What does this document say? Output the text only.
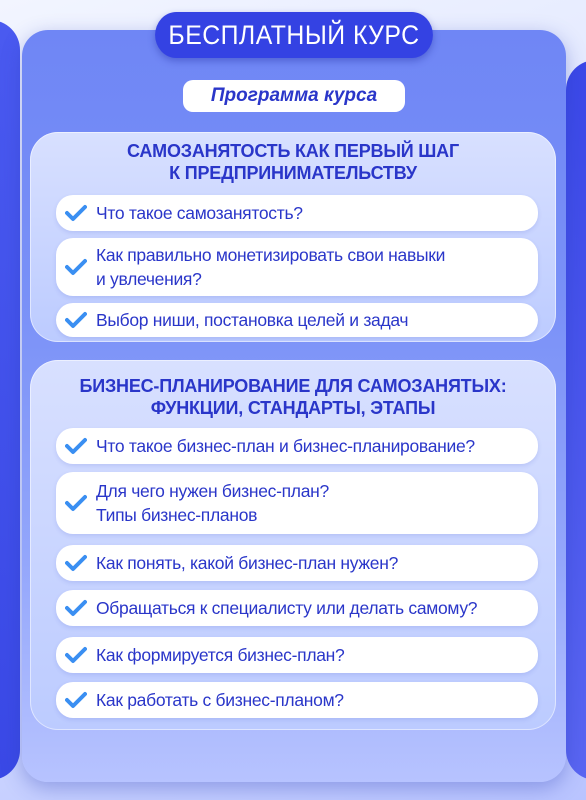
БЕСПЛАТНЫЙ КУРС
Программа курса
САМОЗАНЯТОСТЬ КАК ПЕРВЫЙ ШАГ
К ПРЕДПРИНИМАТЕЛЬСТВУ
Что такое самозанятость?
Как правильно монетизировать свои навыки
и увлечения?
Выбор ниши, постановка целей и задач
БИЗНЕС-ПЛАНИРОВАНИЕ ДЛЯ САМОЗАНЯТЫХ:
ФУНКЦИИ, СТАНДАРТЫ, ЭТАПЫ
Что такое бизнес-план и бизнес-планирование?
Для чего нужен бизнес-план?
Типы бизнес-планов
Как понять, какой бизнес-план нужен?
Обращаться к специалисту или делать самому?
Как формируется бизнес-план?
Как работать с бизнес-планом?
